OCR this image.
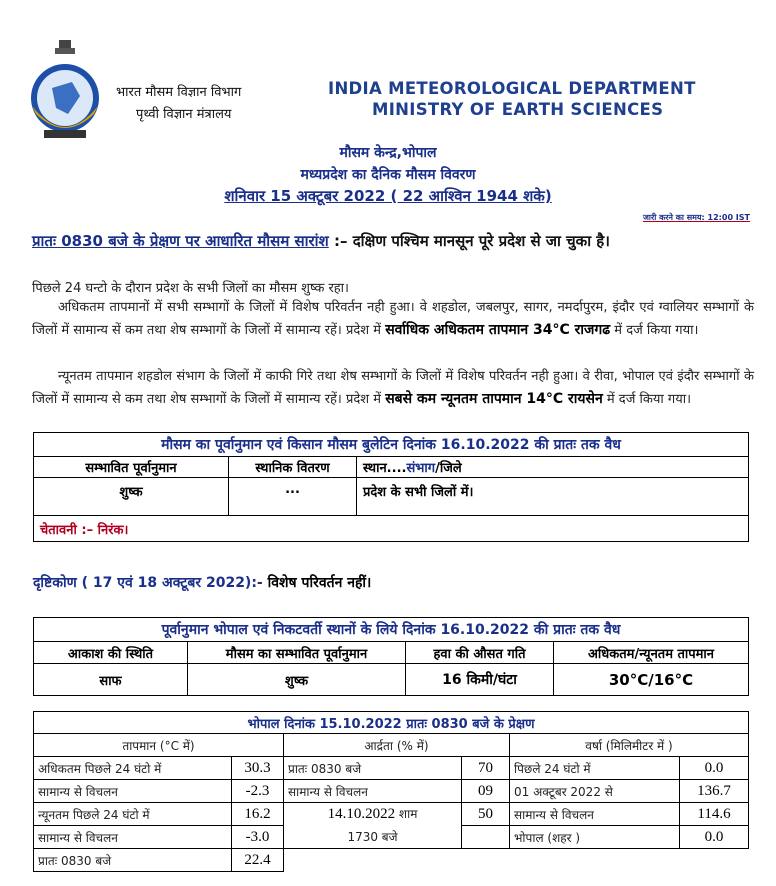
भारत मौसम विज्ञान विभाग
पृथ्वी विज्ञान मंत्रालय
INDIA METEOROLOGICAL DEPARTMENT
MINISTRY OF EARTH SCIENCES
मौसम केन्द्र,भोपाल
मध्यप्रदेश का दैनिक मौसम विवरण
शनिवार 15 अक्टूबर 2022 ( 22 आश्विन 1944 शके)
जारी करने का समय: 12:00 IST
प्रातः 0830 बजे के प्रेक्षण पर आधारित मौसम सारांश :– दक्षिण पश्चिम मानसून पूरे प्रदेश से जा चुका है।
पिछले 24 घन्टो के दौरान प्रदेश के सभी जिलों का मौसम शुष्क रहा।
अधिकतम तापमानों में सभी सम्भागों के जिलों में विशेष परिवर्तन नही हुआ। वे शहडोल, जबलपुर, सागर, नमर्दापुरम, इंदौर एवं ग्वालियर सम्भागों के जिलों में सामान्य सें कम तथा शेष सम्भागों के जिलों में सामान्य रहें। प्रदेश में सर्वाधिक अधिकतम तापमान 34°C राजगढ में दर्ज किया गया।
न्यूनतम तापमान शहडोल संभाग के जिलों में काफी गिरे तथा शेष सम्भागों के जिलों में विशेष परिवर्तन नही हुआ। वे रीवा, भोपाल एवं इंदौर सम्भागों के जिलों में सामान्य से कम तथा शेष सम्भागों के जिलों में सामान्य रहें। प्रदेश में सबसे कम न्यूनतम तापमान 14°C रायसेन में दर्ज किया गया।
मौसम का पूर्वानुमान एवं किसान मौसम बुलेटिन दिनांक 16.10.2022 की प्रातः तक वैध		
सम्भावित पूर्वानुमान	स्थानिक वितरण	स्थान....संभाग/जिले
शुष्क	...	प्रदेश के सभी जिलों में।
चेतावनी :– निरंक।		
दृष्टिकोण ( 17 एवं 18 अक्टूबर 2022):- विशेष परिवर्तन नहीं।
पूर्वानुमान भोपाल एवं निकटवर्ती स्थानों के लिये दिनांक 16.10.2022 की प्रातः तक वैध			
आकाश की स्थिति	मौसम का सम्भावित पूर्वानुमान	हवा की औसत गति	अधिकतम/न्यूनतम तापमान
साफ	शुष्क	16 किमी/घंटा	30°C/16°C
भोपाल दिनांक 15.10.2022 प्रातः 0830 बजे के प्रेक्षण					
तापमान (°C में)		आर्द्रता (% में)		वर्षा (मिलिमीटर में )	
अधिकतम पिछले 24 घंटो में	30.3	प्रातः 0830 बजे	70	पिछले 24 घंटो में	0.0
सामान्य से विचलन	-2.3	सामान्य से विचलन	09	01 अक्टूबर 2022 से	136.7
न्यूनतम पिछले 24 घंटो में	16.2	14.10.2022 शाम	50	सामान्य से विचलन	114.6
सामान्य से विचलन	-3.0	1730 बजे		भोपाल (शहर )	0.0
प्रातः 0830 बजे	22.4				
